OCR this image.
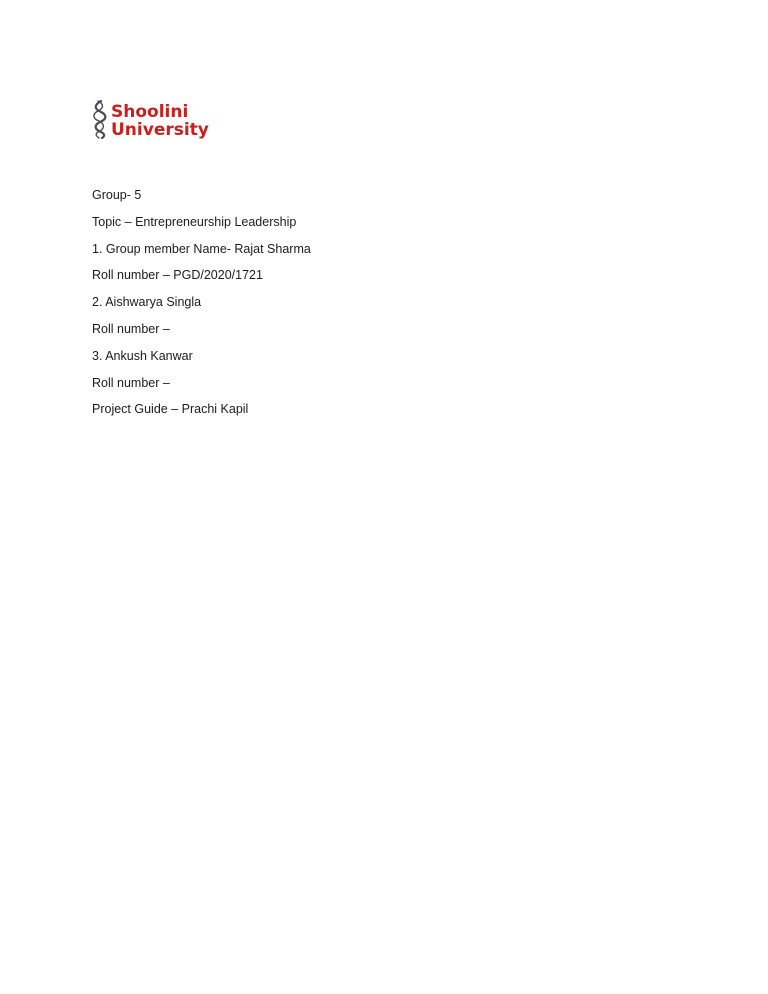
Shoolini
University
Group- 5
Topic – Entrepreneurship Leadership
1. Group member Name- Rajat Sharma
Roll number – PGD/2020/1721
2. Aishwarya Singla
Roll number –
3. Ankush Kanwar
Roll number –
Project Guide – Prachi Kapil
